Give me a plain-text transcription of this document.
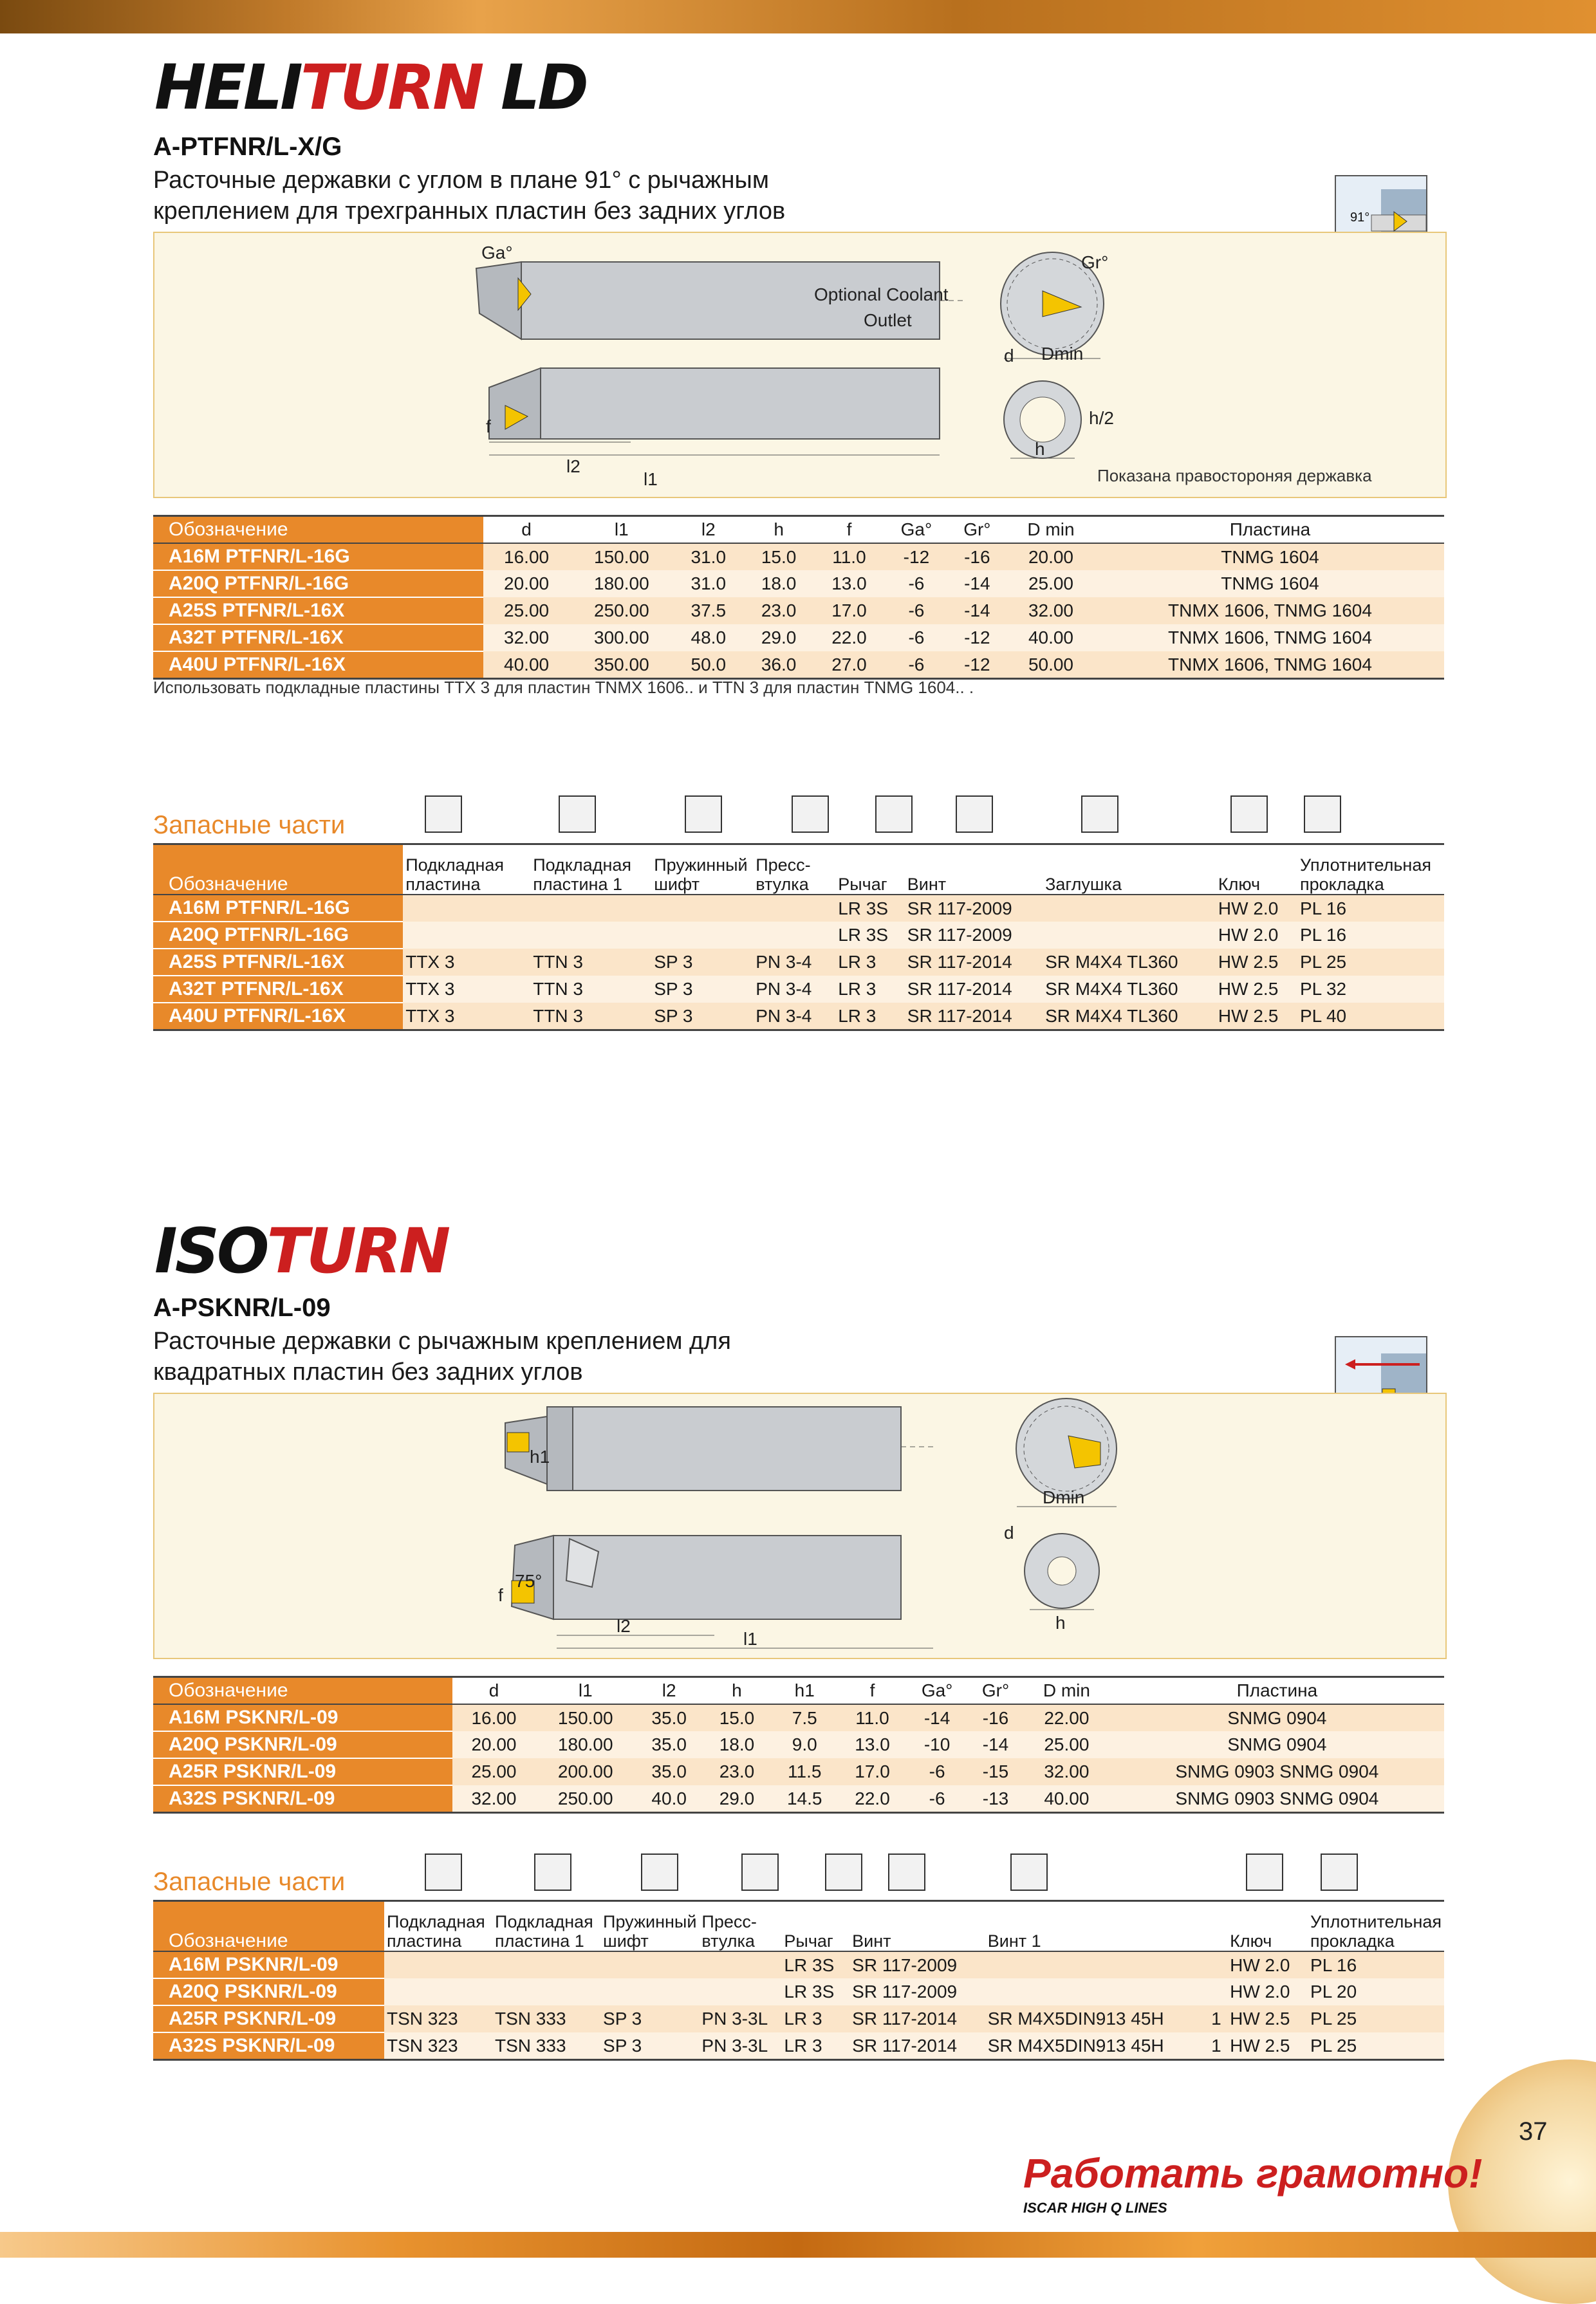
HELITURN LD
A-PTFNR/L-X/G
Расточные державки с углом в плане 91° с рычажным
креплением для трехгранных пластин без задних углов	91°
Ga°
f
l2
l1
Gr°
Optional Coolant
Outlet
d Dmin
h/2
h
Показана правостороняя державка
Обозначение	d	l1	l2	h	f	Ga°	Gr°	D min	Пластина
A16M PTFNR/L-16G	16.00	150.00	31.0	15.0	11.0	-12	-16	20.00	TNMG 1604
A20Q PTFNR/L-16G	20.00	180.00	31.0	18.0	13.0	-6	-14	25.00	TNMG 1604
A25S PTFNR/L-16X	25.00	250.00	37.5	23.0	17.0	-6	-14	32.00	TNMX 1606, TNMG 1604
A32T PTFNR/L-16X	32.00	300.00	48.0	29.0	22.0	-6	-12	40.00	TNMX 1606, TNMG 1604
A40U PTFNR/L-16X	40.00	350.00	50.0	36.0	27.0	-6	-12	50.00	TNMX 1606, TNMG 1604
Использовать подкладные пластины TTX 3 для пластин TNMX 1606.. и TTN 3 для пластин TNMG 1604.. .
Запасные части
Обозначение	Подкладная пластина	Подкладная пластина 1	Пружинный шифт	Пресс-втулка	Рычаг	Винт	Заглушка	Ключ	Уплотнительная прокладка
A16M PTFNR/L-16G					LR 3S	SR 117-2009		HW 2.0	PL 16
A20Q PTFNR/L-16G					LR 3S	SR 117-2009		HW 2.0	PL 16
A25S PTFNR/L-16X	TTX 3	TTN 3	SP 3	PN 3-4	LR 3	SR 117-2014	SR M4X4 TL360	HW 2.5	PL 25
A32T PTFNR/L-16X	TTX 3	TTN 3	SP 3	PN 3-4	LR 3	SR 117-2014	SR M4X4 TL360	HW 2.5	PL 32
A40U PTFNR/L-16X	TTX 3	TTN 3	SP 3	PN 3-4	LR 3	SR 117-2014	SR M4X4 TL360	HW 2.5	PL 40
ISOTURN
A-PSKNR/L-09
Расточные державки с рычажным креплением для
квадратных пластин без задних углов
h1
f
75°
l2
l1
Dmin
d
h
Обозначение	d	l1	l2	h	h1	f	Ga°	Gr°	D min	Пластина
A16M PSKNR/L-09	16.00	150.00	35.0	15.0	7.5	11.0	-14	-16	22.00	SNMG 0904
A20Q PSKNR/L-09	20.00	180.00	35.0	18.0	9.0	13.0	-10	-14	25.00	SNMG 0904
A25R PSKNR/L-09	25.00	200.00	35.0	23.0	11.5	17.0	-6	-15	32.00	SNMG 0903 SNMG 0904
A32S PSKNR/L-09	32.00	250.00	40.0	29.0	14.5	22.0	-6	-13	40.00	SNMG 0903 SNMG 0904
Запасные части
Обозначение	Подкладная пластина	Подкладная пластина 1	Пружинный шифт	Пресс-втулка	Рычаг	Винт	Винт 1		Ключ	Уплотнительная прокладка
A16M PSKNR/L-09					LR 3S	SR 117-2009			HW 2.0	PL 16
A20Q PSKNR/L-09					LR 3S	SR 117-2009			HW 2.0	PL 20
A25R PSKNR/L-09	TSN 323	TSN 333	SP 3	PN 3-3L	LR 3	SR 117-2014	SR M4X5DIN913 45H	1	HW 2.5	PL 25
A32S PSKNR/L-09	TSN 323	TSN 333	SP 3	PN 3-3L	LR 3	SR 117-2014	SR M4X5DIN913 45H	1	HW 2.5	PL 25
37
Работать грамотно!
ISCAR HIGH Q LINES
